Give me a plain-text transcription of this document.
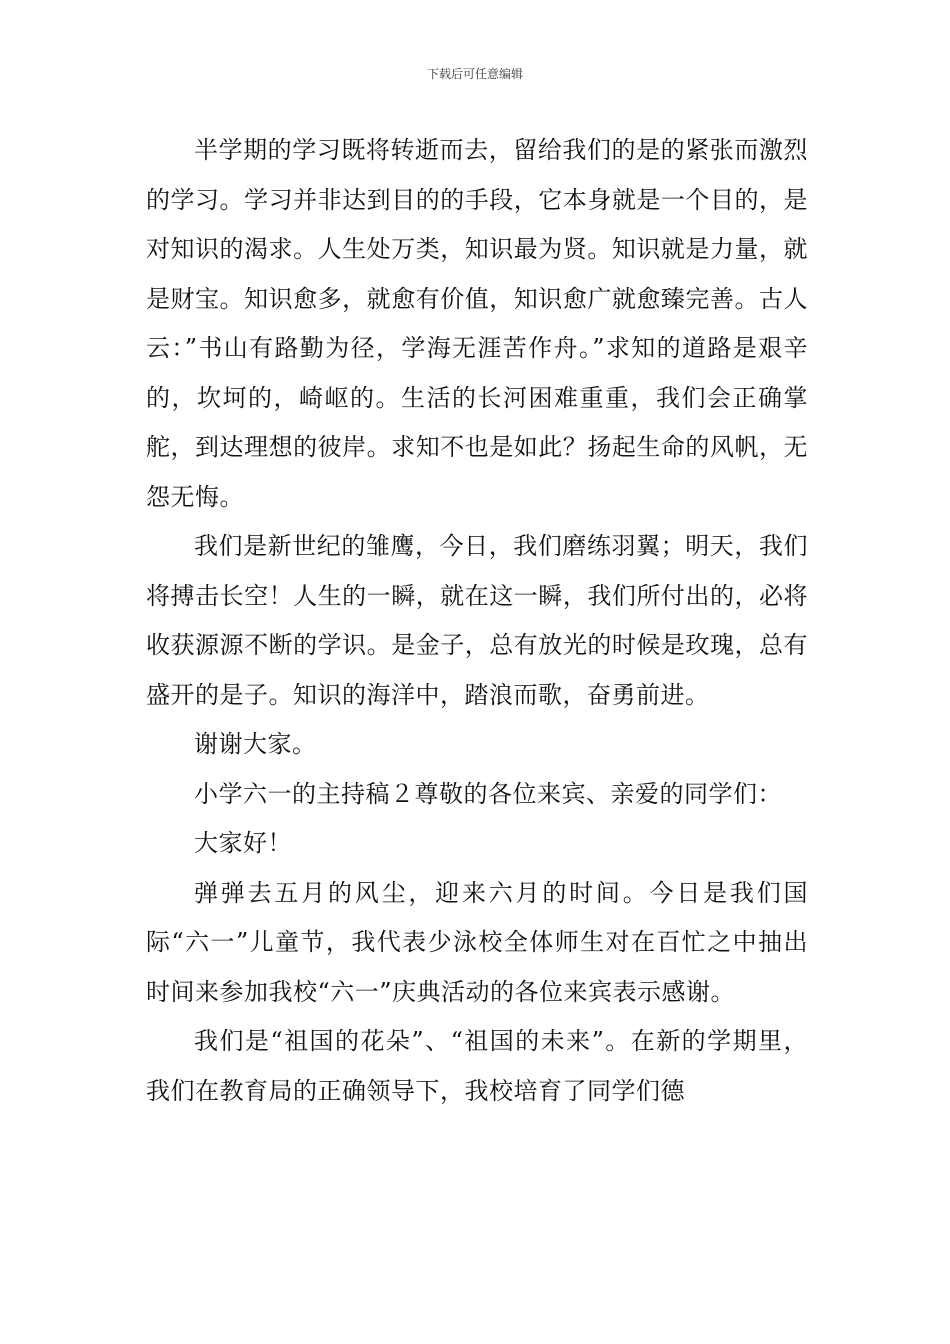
下载后可任意编辑

半学期的学习既将转逝而去，留给我们的是的紧张而激烈的学习。学习并非达到目的的手段，它本身就是一个目的，是对知识的渴求。人生处万类，知识最为贤。知识就是力量，就是财宝。知识愈多，就愈有价值，知识愈广就愈臻完善。古人云：”书山有路勤为径，学海无涯苦作舟。”求知的道路是艰辛的，坎坷的，崎岖的。生活的长河困难重重，我们会正确掌舵，到达理想的彼岸。求知不也是如此？扬起生命的风帆，无怨无悔。

我们是新世纪的雏鹰，今日，我们磨练羽翼；明天，我们将搏击长空！人生的一瞬，就在这一瞬，我们所付出的，必将收获源源不断的学识。是金子，总有放光的时候是玫瑰，总有盛开的是子。知识的海洋中，踏浪而歌，奋勇前进。

谢谢大家。

小学六一的主持稿２尊敬的各位来宾、亲爱的同学们：

大家好！

弹弹去五月的风尘，迎来六月的时间。今日是我们国际“六一”儿童节，我代表少泳校全体师生对在百忙之中抽出时间来参加我校“六一”庆典活动的各位来宾表示感谢。

我们是“祖国的花朵”、“祖国的未来”。在新的学期里，我们在教育局的正确领导下，我校培育了同学们德
